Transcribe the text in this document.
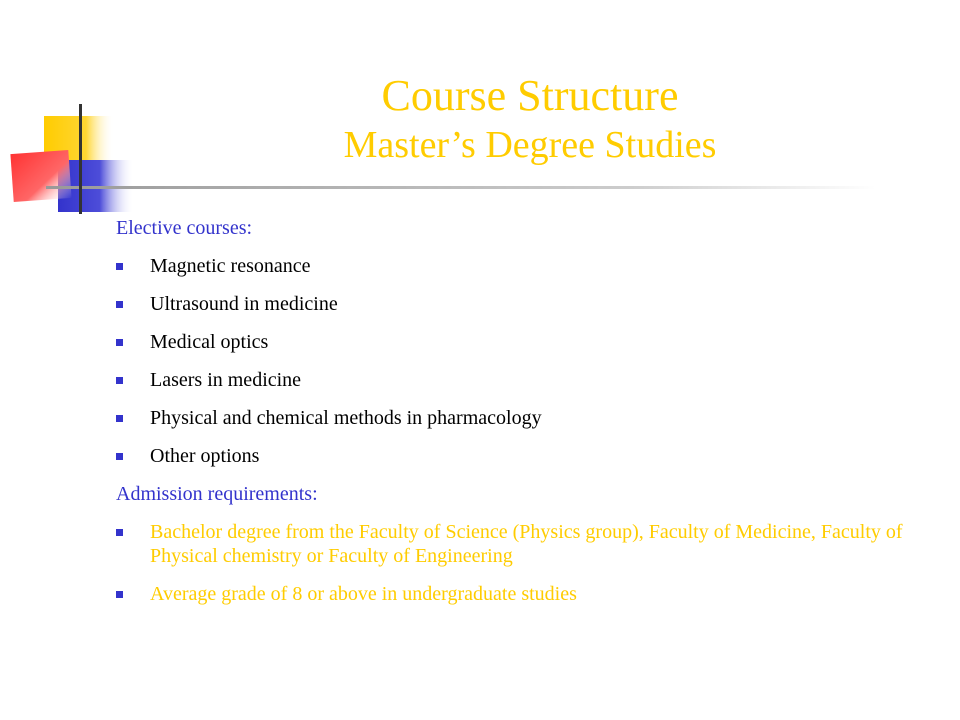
Course Structure
Master’s Degree Studies
Elective courses:
Magnetic resonance
Ultrasound in medicine
Medical optics
Lasers in medicine
Physical and chemical methods in pharmacology
Other options
Admission requirements:
Bachelor degree from the Faculty of Science (Physics group), Faculty of Medicine, Faculty of Physical chemistry or Faculty of Engineering
Average grade of 8 or above in undergraduate studies
